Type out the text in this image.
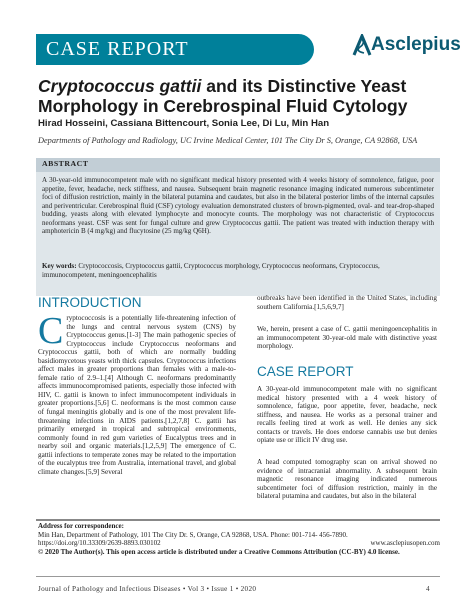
CASE REPORT	Asclepius
Cryptococcus gattii and its Distinctive Yeast Morphology in Cerebrospinal Fluid Cytology
Hirad Hosseini, Cassiana Bittencourt, Sonia Lee, Di Lu, Min Han
Departments of Pathology and Radiology, UC Irvine Medical Center, 101 The City Dr S, Orange, CA 92868, USA
ABSTRACT
A 30-year-old immunocompetent male with no significant medical history presented with 4 weeks history of somnolence, fatigue, poor appetite, fever, headache, neck stiffness, and nausea. Subsequent brain magnetic resonance imaging indicated numerous subcentimeter foci of diffusion restriction, mainly in the bilateral putamina and caudates, but also in the bilateral posterior limbs of the internal capsules and periventricular. Cerebrospinal fluid (CSF) cytology evaluation demonstrated clusters of brown-pigmented, oval- and tear-drop-shaped budding, yeasts along with elevated lymphocyte and monocyte counts. The morphology was not characteristic of Cryptococcus neoformans yeast. CSF was sent for fungal culture and grew Cryptococcus gattii. The patient was treated with induction therapy with amphotericin B (4 mg/kg) and flucytosine (25 mg/kg Q6H).
Key words: Cryptococcosis, Cryptococcus gattii, Cryptococcus morphology, Cryptococcus neoformans, Cryptococcus, immunocompetent, meningoencephalitis
INTRODUCTION
Cryptococcosis is a potentially life-threatening infection of the lungs and central nervous system (CNS) by Cryptococcus genus.[1-3] The main pathogenic species of Cryptococcus include Cryptococcus neoformans and Cryptococcus gattii, both of which are normally budding basidiomycetous yeasts with thick capsules. Cryptococcus infections affect males in greater proportions than females with a male-to-female ratio of 2.9–1.[4] Although C. neoformans predominantly affects immunocompromised patients, especially those infected with HIV, C. gattii is known to infect immunocompetent individuals in greater proportions.[5,6] C. neoformans is the most common cause of fungal meningitis globally and is one of the most prevalent life-threatening infections in AIDS patients.[1,2,7,8] C. gattii has primarily emerged in tropical and subtropical environments, commonly found in red gum varieties of Eucalyptus trees and in nearby soil and organic materials.[1,2,5,9] The emergence of C. gattii infections to temperate zones may be related to the importation of the eucalyptus tree from Australia, international travel, and global climate changes.[5,9] Several
outbreaks have been identified in the United States, including southern California.[1,5,6,9,7]
We, herein, present a case of C. gattii meningoencephalitis in an immunocompetent 30-year-old male with distinctive yeast morphology.
CASE REPORT
A 30-year-old immunocompetent male with no significant medical history presented with a 4 week history of somnolence, fatigue, poor appetite, fever, headache, neck stiffness, and nausea. He works as a personal trainer and recalls feeling tired at work as well. He denies any sick contacts or travels. He does endorse cannabis use but denies opiate use or illicit IV drug use.
A head computed tomography scan on arrival showed no evidence of intracranial abnormality. A subsequent brain magnetic resonance imaging indicated numerous subcentimeter foci of diffusion restriction, mainly in the bilateral putamina and caudates, but also in the bilateral
Address for correspondence:
Min Han, Department of Pathology, 101 The City Dr. S, Orange, CA 92868, USA. Phone: 001-714- 456-7890.
https://doi.org/10.33309/2639-8893.030102	www.asclepiusopen.com

© 2020 The Author(s). This open access article is distributed under a Creative Commons Attribution (CC-BY) 4.0 license.
Journal of Pathology and Infectious Diseases • Vol 3 • Issue 1 • 2020	4
